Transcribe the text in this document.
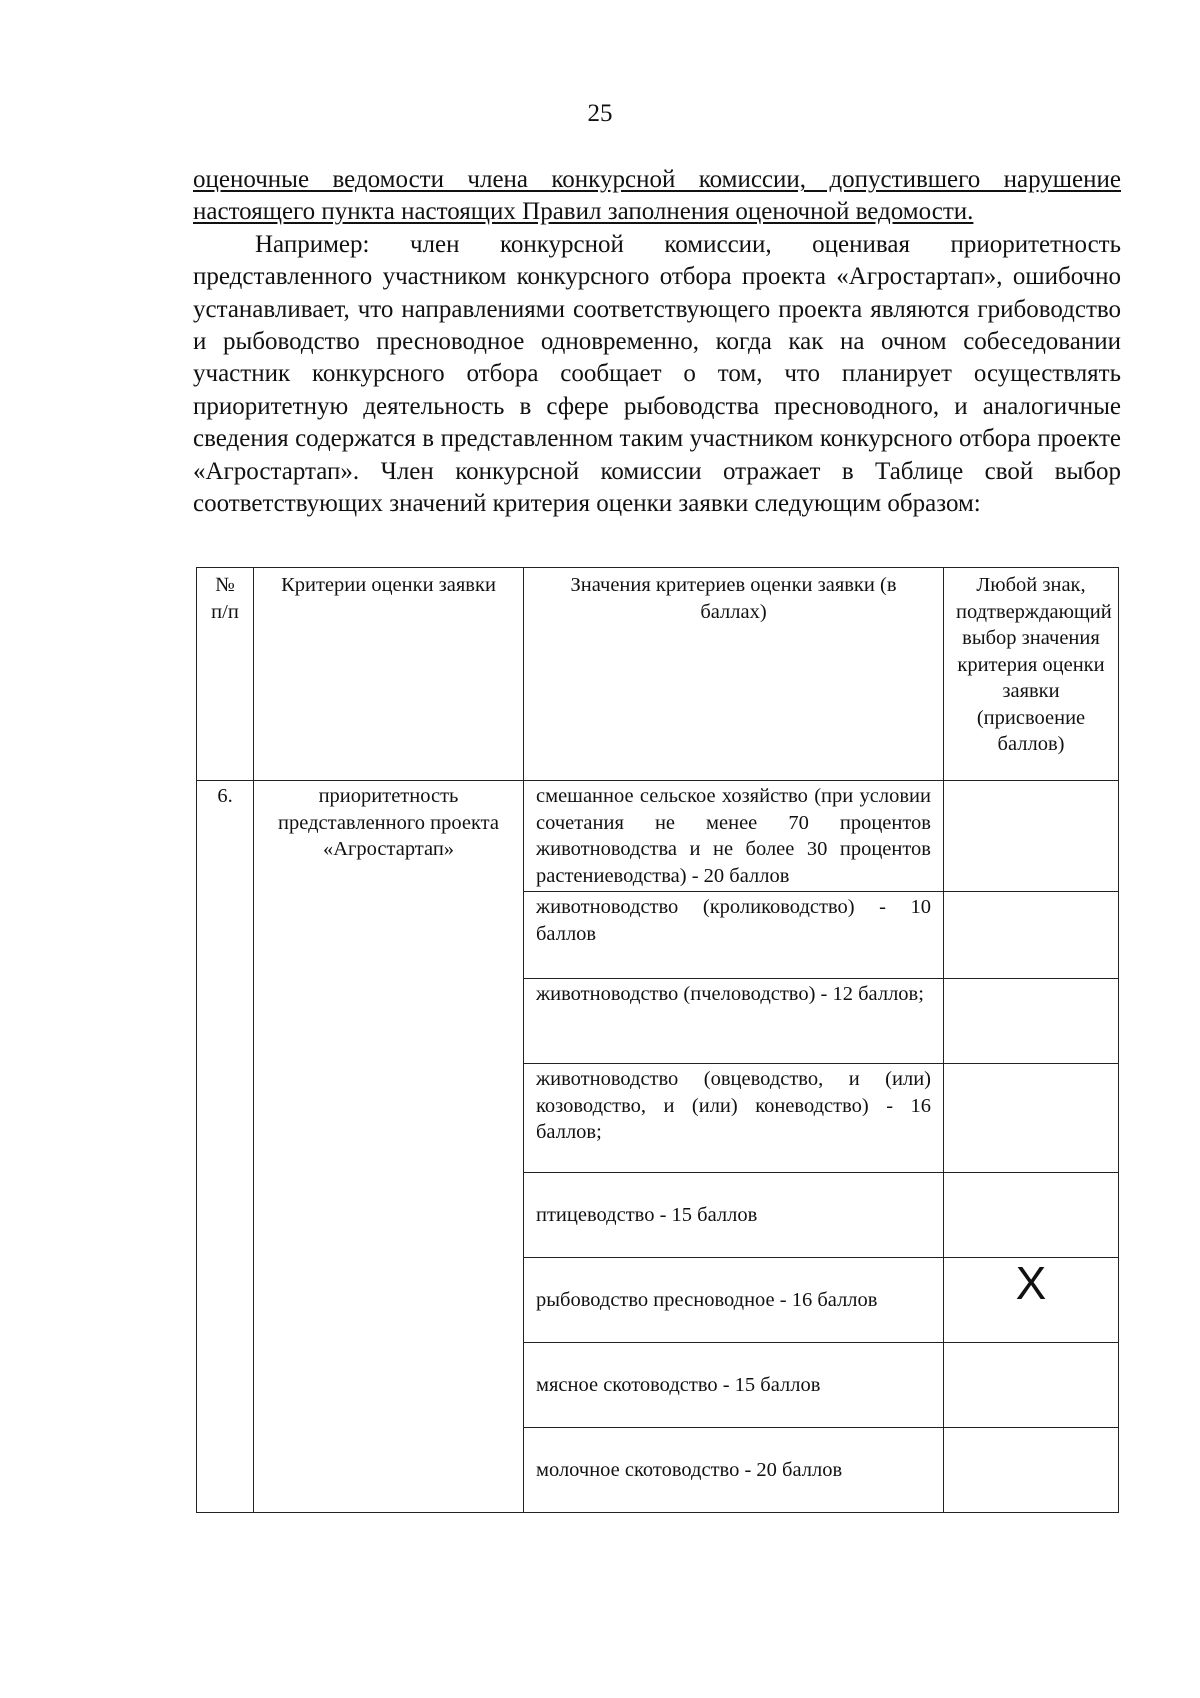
25

оценочные ведомости члена конкурсной комиссии, допустившего нарушение настоящего пункта настоящих Правил заполнения оценочной ведомости.

Например: член конкурсной комиссии, оценивая приоритетность представленного участником конкурсного отбора проекта «Агростартап», ошибочно устанавливает, что направлениями соответствующего проекта являются грибоводство и рыбоводство пресноводное одновременно, когда как на очном собеседовании участник конкурсного отбора сообщает о том, что планирует осуществлять приоритетную деятельность в сфере рыбоводства пресноводного, и аналогичные сведения содержатся в представленном таким участником конкурсного отбора проекте «Агростартап». Член конкурсной комиссии отражает в Таблице свой выбор соответствующих значений критерия оценки заявки следующим образом:

№ п/п	Критерии оценки заявки	Значения критериев оценки заявки (в баллах)	Любой знак, подтверждающий выбор значения критерия оценки заявки (присвоение баллов)
6.	приоритетность представленного проекта «Агростартап»	смешанное сельское хозяйство (при условии сочетания не менее 70 процентов животноводства и не более 30 процентов растениеводства) - 20 баллов	
		животноводство (кролиководство) - 10 баллов	
		животноводство (пчеловодство) - 12 баллов;	
		животноводство (овцеводство, и (или) козоводство, и (или) коневодство) - 16 баллов;	
		птицеводство - 15 баллов	
		рыбоводство пресноводное - 16 баллов	X
		мясное скотоводство - 15 баллов	
		молочное скотоводство - 20 баллов	
